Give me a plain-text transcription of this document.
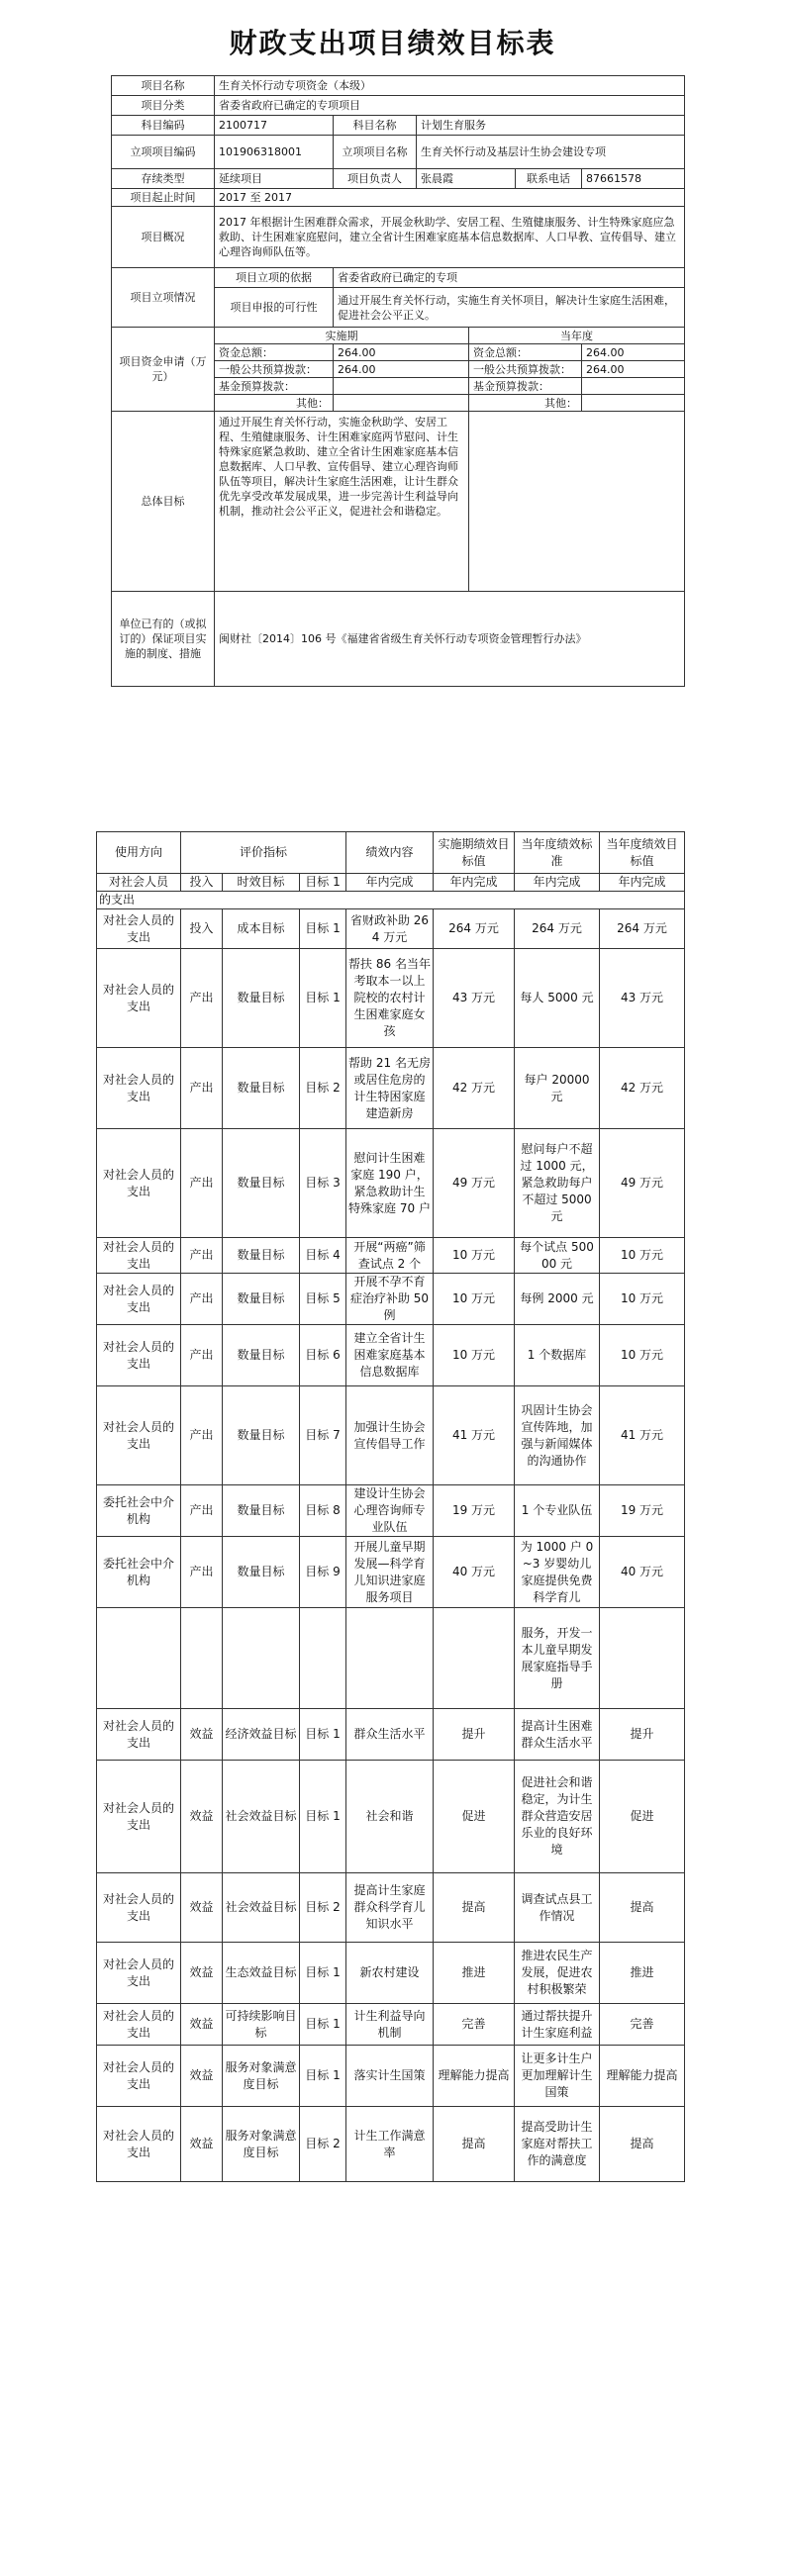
财政支出项目绩效目标表
项目名称	生育关怀行动专项资金（本级）					
项目分类	省委省政府已确定的专项项目					
科目编码	2100717	科目名称	计划生育服务			
立项项目编码	101906318001	立项项目名称	生育关怀行动及基层计生协会建设专项			
存续类型	延续项目	项目负责人	张晨霞		联系电话	87661578
项目起止时间	2017 至 2017					
项目概况	2017 年根据计生困难群众需求，开展金秋助学、安居工程、生殖健康服务、计生特殊家庭应急救助、计生困难家庭慰问，建立全省计生困难家庭基本信息数据库、人口早教、宣传倡导、建立心理咨询师队伍等。					
项目立项情况	项目立项的依据	省委省政府已确定的专项				
	项目申报的可行性	通过开展生育关怀行动，实施生育关怀项目，解决计生家庭生活困难，促进社会公平正义。				
项目资金申请（万元）	实施期			当年度		
	资金总额：	264.00		资金总额：		264.00
	一般公共预算拨款：	264.00		一般公共预算拨款：		264.00
	基金预算拨款：			基金预算拨款：		
	其他：			其他：		
总体目标	通过开展生育关怀行动，实施金秋助学、安居工程、生殖健康服务、计生困难家庭两节慰问、计生特殊家庭紧急救助、建立全省计生困难家庭基本信息数据库、人口早教、宣传倡导、建立心理咨询师队伍等项目，解决计生家庭生活困难，让计生群众优先享受改革发展成果，进一步完善计生利益导向机制，推动社会公平正义，促进社会和谐稳定。					
单位已有的（或拟订的）保证项目实施的制度、措施	闽财社〔2014〕106 号《福建省省级生育关怀行动专项资金管理暂行办法》					
使用方向	评价指标			绩效内容	实施期绩效目标值	当年度绩效标准	当年度绩效目标值
对社会人员	投入	时效目标	目标 1	年内完成	年内完成	年内完成	年内完成
的支出							
对社会人员的支出	投入	成本目标	目标 1	省财政补助 264 万元	264 万元	264 万元	264 万元
对社会人员的支出	产出	数量目标	目标 1	帮扶 86 名当年考取本一以上院校的农村计生困难家庭女孩	43 万元	每人 5000 元	43 万元
对社会人员的支出	产出	数量目标	目标 2	帮助 21 名无房或居住危房的计生特困家庭建造新房	42 万元	每户 20000 元	42 万元
对社会人员的支出	产出	数量目标	目标 3	慰问计生困难家庭 190 户，紧急救助计生特殊家庭 70 户	49 万元	慰问每户不超过 1000 元，紧急救助每户不超过 5000 元	49 万元
对社会人员的支出	产出	数量目标	目标 4	开展“两癌”筛查试点 2 个	10 万元	每个试点 50000 元	10 万元
对社会人员的支出	产出	数量目标	目标 5	开展不孕不育症治疗补助 50 例	10 万元	每例 2000 元	10 万元
对社会人员的支出	产出	数量目标	目标 6	建立全省计生困难家庭基本信息数据库	10 万元	1 个数据库	10 万元
对社会人员的支出	产出	数量目标	目标 7	加强计生协会宣传倡导工作	41 万元	巩固计生协会宣传阵地，加强与新闻媒体的沟通协作	41 万元
委托社会中介机构	产出	数量目标	目标 8	建设计生协会心理咨询师专业队伍	19 万元	1 个专业队伍	19 万元
委托社会中介机构	产出	数量目标	目标 9	开展儿童早期发展—科学育儿知识进家庭服务项目	40 万元	为 1000 户 0~3 岁婴幼儿家庭提供免费科学育儿	40 万元
						服务，开发一本儿童早期发展家庭指导手册	
对社会人员的支出	效益	经济效益目标	目标 1	群众生活水平	提升	提高计生困难群众生活水平	提升
对社会人员的支出	效益	社会效益目标	目标 1	社会和谐	促进	促进社会和谐稳定，为计生群众营造安居乐业的良好环境	促进
对社会人员的支出	效益	社会效益目标	目标 2	提高计生家庭群众科学育儿知识水平	提高	调查试点县工作情况	提高
对社会人员的支出	效益	生态效益目标	目标 1	新农村建设	推进	推进农民生产发展，促进农村积极繁荣	推进
对社会人员的支出	效益	可持续影响目标	目标 1	计生利益导向机制	完善	通过帮扶提升计生家庭利益	完善
对社会人员的支出	效益	服务对象满意度目标	目标 1	落实计生国策	理解能力提高	让更多计生户更加理解计生国策	理解能力提高
对社会人员的支出	效益	服务对象满意度目标	目标 2	计生工作满意率	提高	提高受助计生家庭对帮扶工作的满意度	提高
